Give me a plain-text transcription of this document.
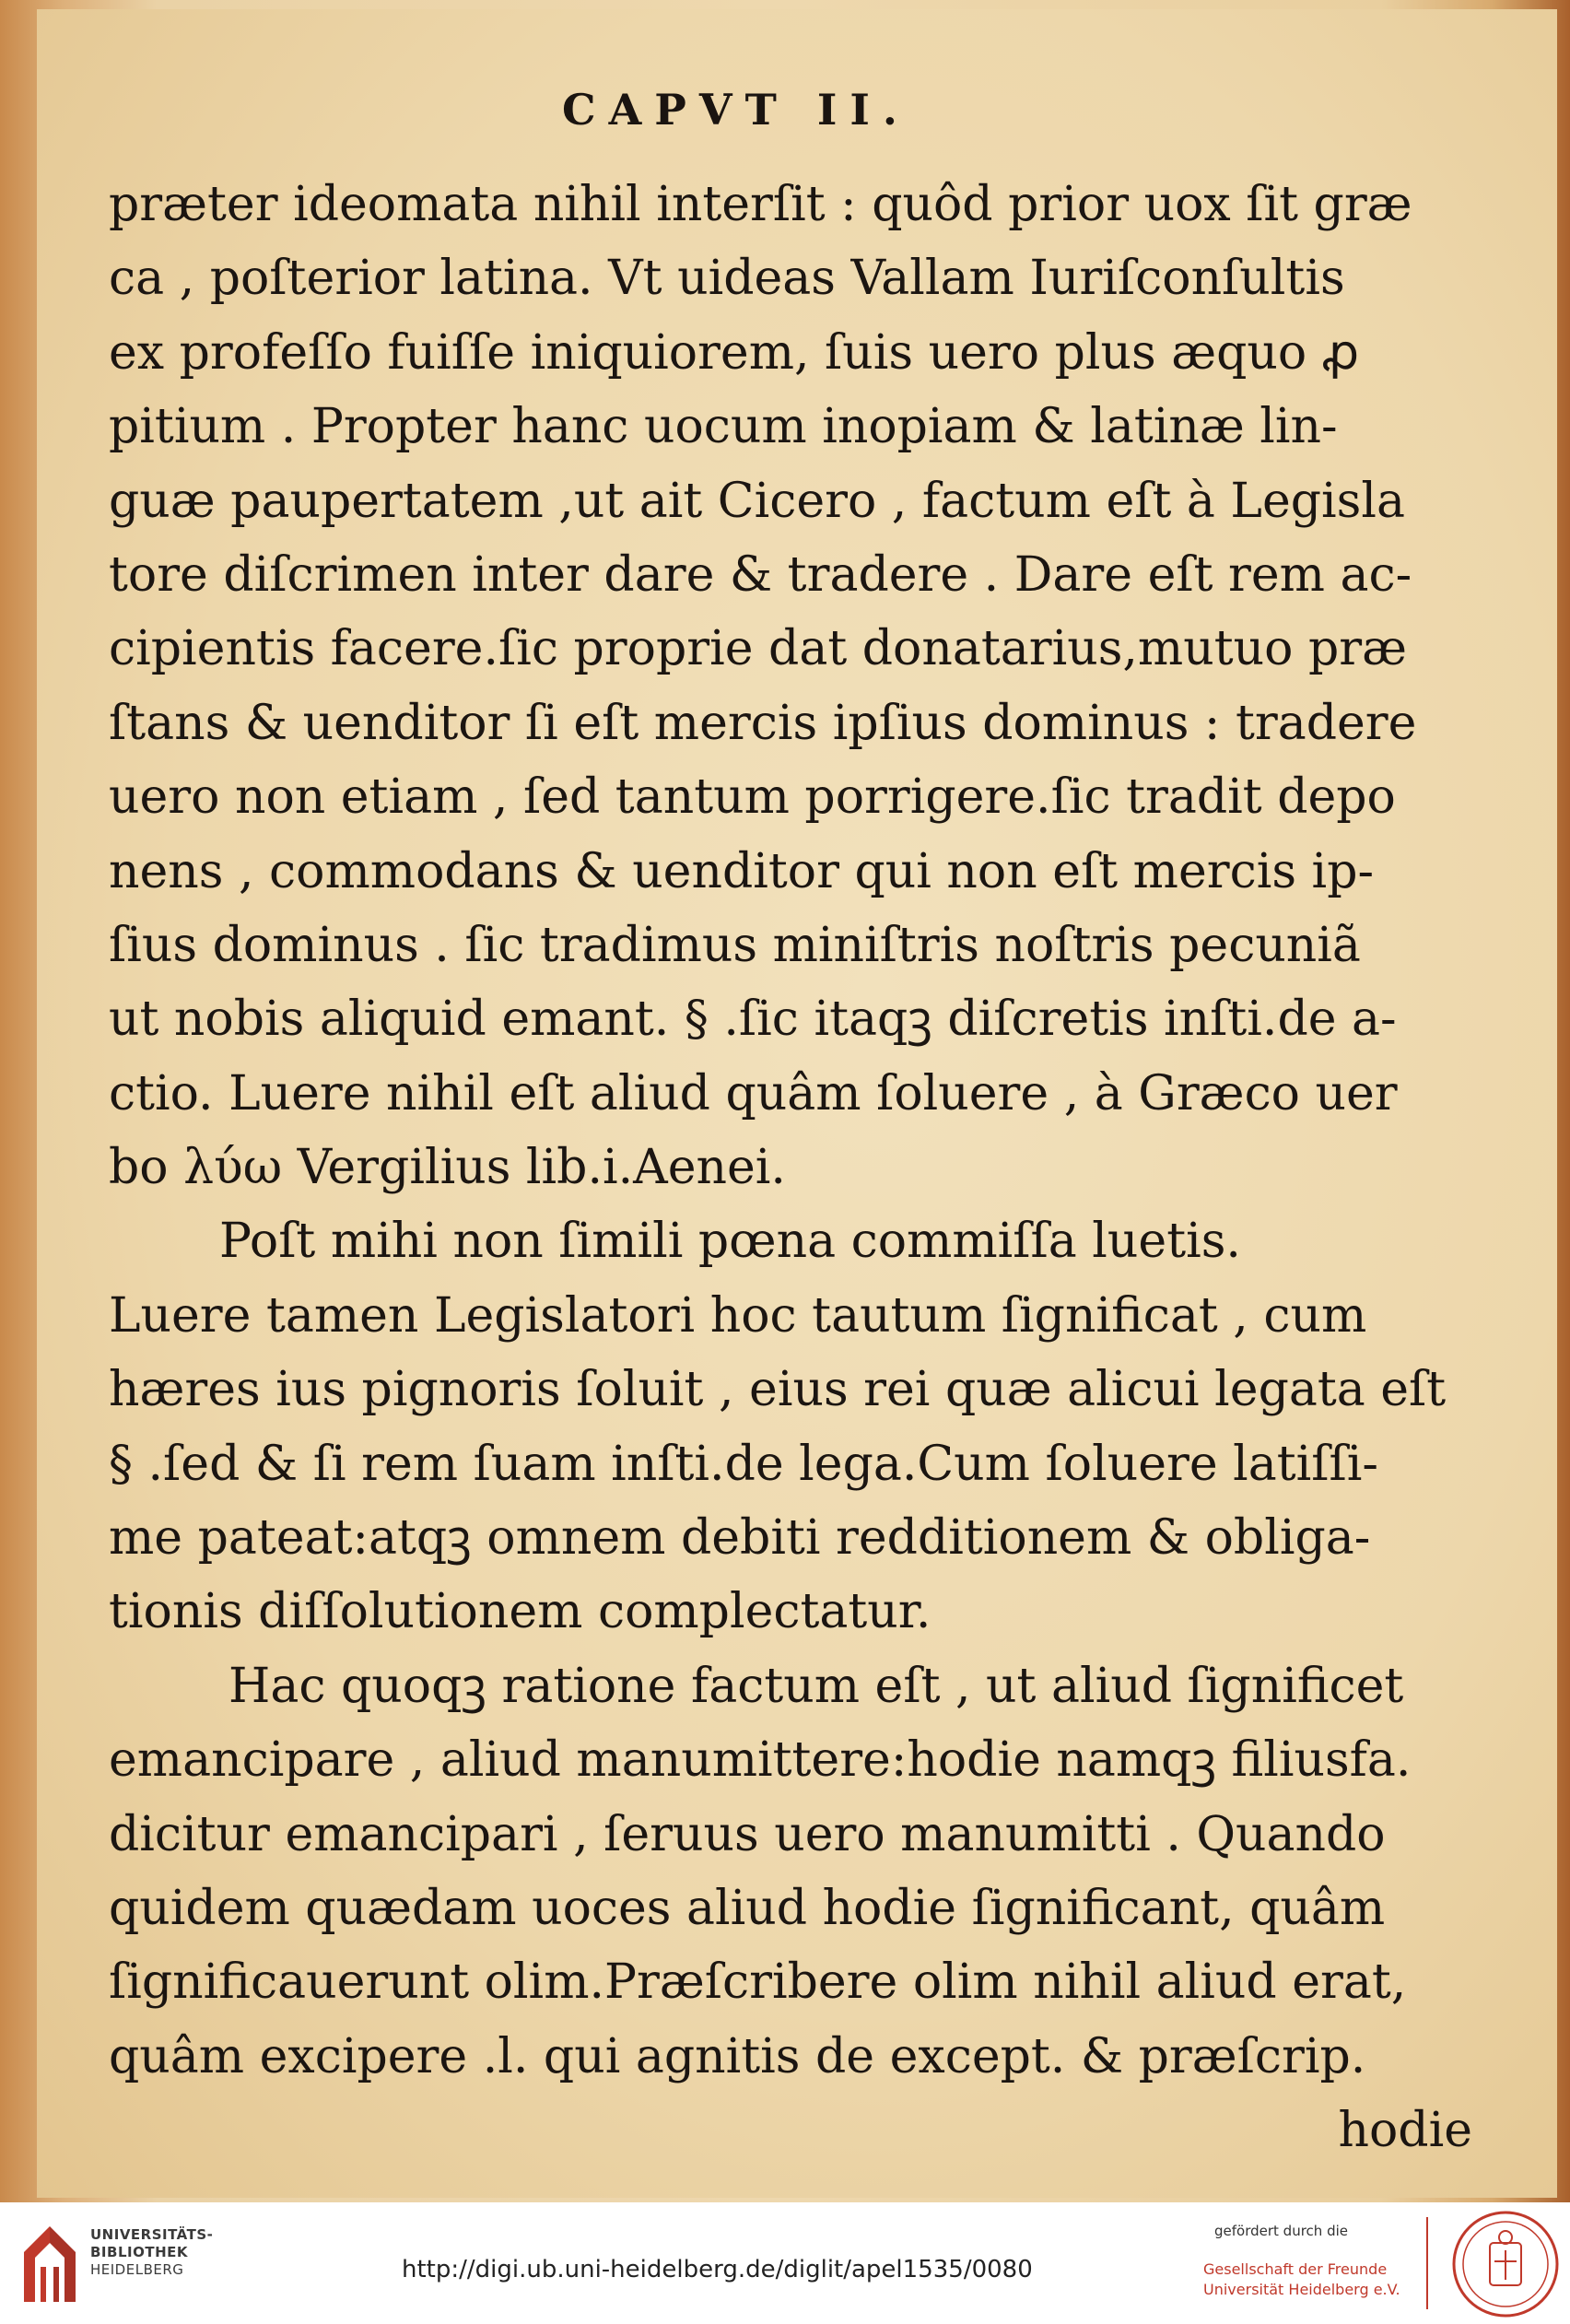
CAPVT II.
præter ideomata nihil interſit : quôd prior uox ſit græ
ca , poſterior latina. Vt uideas Vallam Iuriſconſultis
ex profeſſo fuiſſe iniquiorem, ſuis uero plus æquo ꝓ
pitium . Propter hanc uocum inopiam & latinæ lin-
guæ paupertatem ,ut ait Cicero , factum eſt à Legisla
tore diſcrimen inter dare & tradere . Dare eſt rem ac-
cipientis facere.ſic proprie dat donatarius,mutuo præ
ſtans & uenditor ſi eſt mercis ipſius dominus : tradere
uero non etiam , ſed tantum porrigere.ſic tradit depo
nens , commodans & uenditor qui non eſt mercis ip-
ſius dominus . ſic tradimus miniſtris noſtris pecuniã
ut nobis aliquid emant. § .ſic itaqꝫ diſcretis inſti.de a-
ctio. Luere nihil eſt aliud quâm ſoluere , à Græco uer
bo λύω Vergilius lib.i.Aenei.
Poſt mihi non ſimili pœna commiſſa luetis.
Luere tamen Legislatori hoc tautum ſignificat , cum
hæres ius pignoris ſoluit , eius rei quæ alicui legata eſt
§ .ſed & ſi rem ſuam inſti.de lega.Cum ſoluere latiſſi-
me pateat:atqꝫ omnem debiti redditionem & obliga-
tionis diſſolutionem complectatur.
Hac quoqꝫ ratione factum eſt , ut aliud ſignificet
emancipare , aliud manumittere:hodie namqꝫ filiusfa.
dicitur emancipari , ſeruus uero manumitti . Quando
quidem quædam uoces aliud hodie ſignificant, quâm
ſignificauerunt olim.Præſcribere olim nihil aliud erat,
quâm excipere .l. qui agnitis de except. & præſcrip.
hodie
UNIVERSITÄTS-
BIBLIOTHEK
HEIDELBERG	http://digi.ub.uni-heidelberg.de/diglit/apel1535/0080
gefördert durch die
Gesellschaft der Freunde
Universität Heidelberg e.V.
